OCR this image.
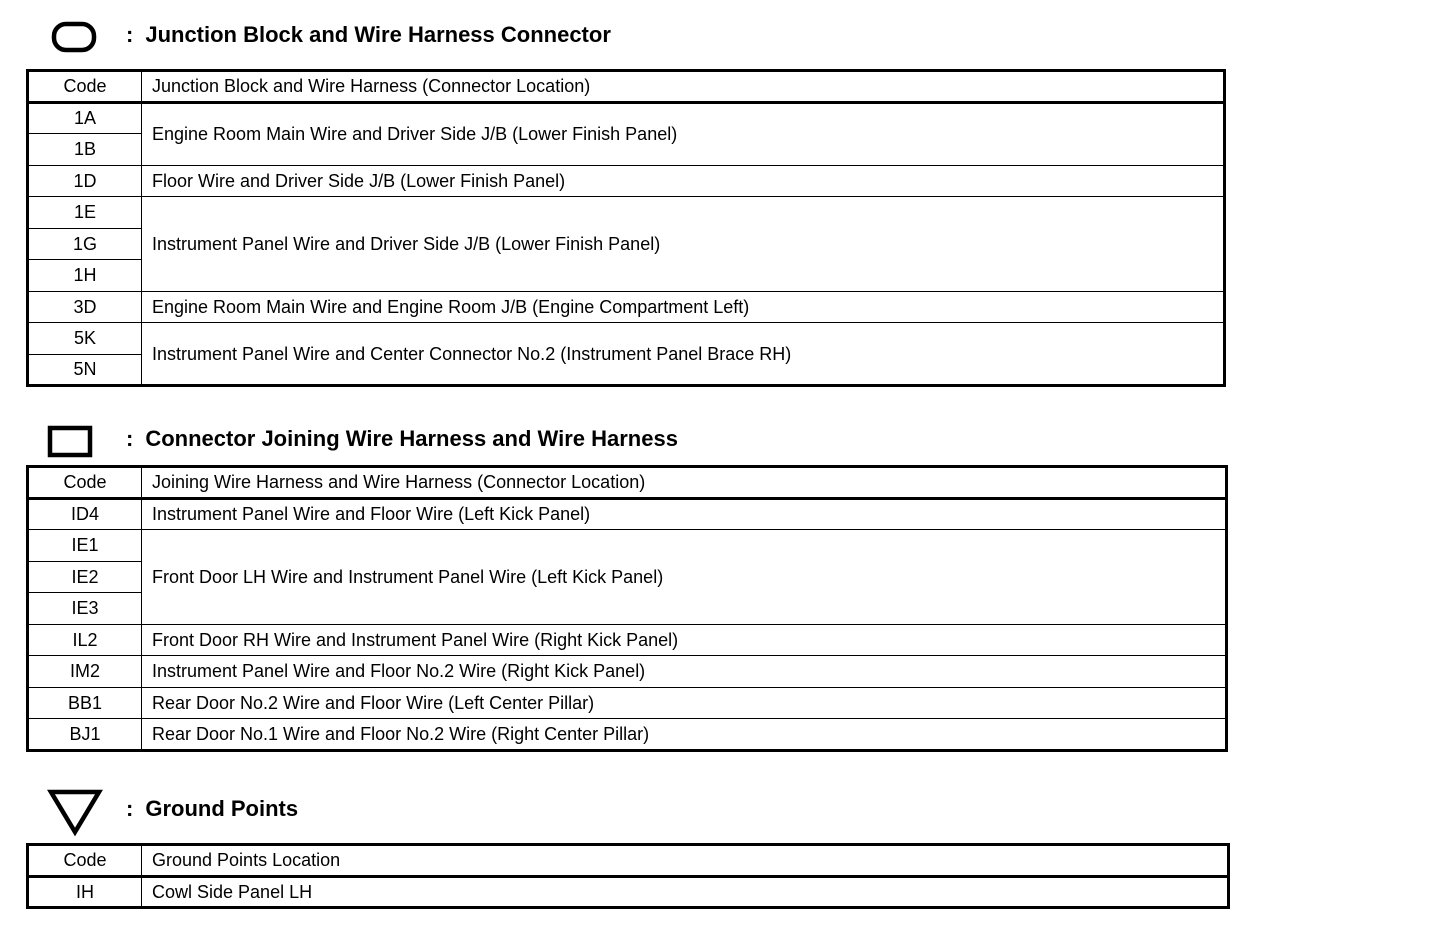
: Junction Block and Wire Harness Connector
Code	Junction Block and Wire Harness (Connector Location)
1A	Engine Room Main Wire and Driver Side J/B (Lower Finish Panel)
1B	
1D	Floor Wire and Driver Side J/B (Lower Finish Panel)
1E	Instrument Panel Wire and Driver Side J/B (Lower Finish Panel)
1G	
1H	
3D	Engine Room Main Wire and Engine Room J/B (Engine Compartment Left)
5K	Instrument Panel Wire and Center Connector No.2 (Instrument Panel Brace RH)
5N	
: Connector Joining Wire Harness and Wire Harness
Code	Joining Wire Harness and Wire Harness (Connector Location)
ID4	Instrument Panel Wire and Floor Wire (Left Kick Panel)
IE1	Front Door LH Wire and Instrument Panel Wire (Left Kick Panel)
IE2	
IE3	
IL2	Front Door RH Wire and Instrument Panel Wire (Right Kick Panel)
IM2	Instrument Panel Wire and Floor No.2 Wire (Right Kick Panel)
BB1	Rear Door No.2 Wire and Floor Wire (Left Center Pillar)
BJ1	Rear Door No.1 Wire and Floor No.2 Wire (Right Center Pillar)
: Ground Points
Code	Ground Points Location
IH	Cowl Side Panel LH
